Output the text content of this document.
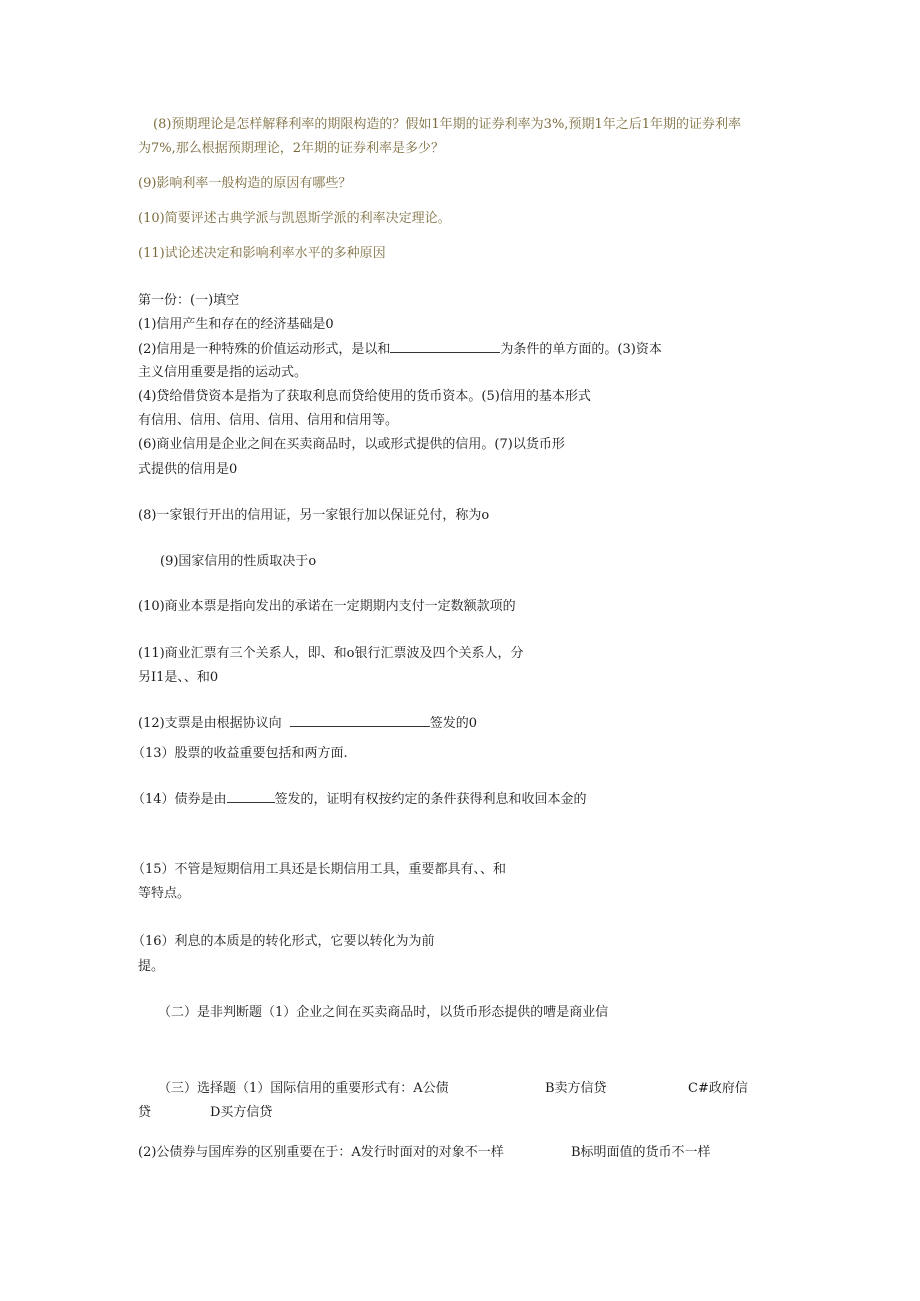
(8)预期理论是怎样解释利率的期限构造的？假如1年期的证券利率为3%,预期1年之后1年期的证券利率
为7%,那么根据预期理论，2年期的证券利率是多少？
(9)影响利率一般构造的原因有哪些？
(10)简要评述古典学派与凯恩斯学派的利率决定理论。
(11)试论述决定和影响利率水平的多种原因
第一份：(一)填空
(1)信用产生和存在的经济基础是0
(2)信用是一种特殊的价值运动形式，是以和	为条件的单方面的。(3)资本
主义信用重要是指的运动式。
(4)贷给借贷资本是指为了获取利息而贷给使用的货币资本。(5)信用的基本形式
有信用、信用、信用、信用、信用和信用等。
(6)商业信用是企业之间在买卖商品时，以或形式提供的信用。(7)以货币形
式提供的信用是0
(8)一家银行开出的信用证，另一家银行加以保证兑付，称为o
(9)国家信用的性质取决于o
(10)商业本票是指向发出的承诺在一定期期内支付一定数额款项的
(11)商业汇票有三个关系人，即、和o银行汇票波及四个关系人，分
另I1是、、和0
(12)支票是由根据协议向	签发的0
（13）股票的收益重要包括和两方面.
（14）债券是由	签发的，证明有权按约定的条件获得利息和收回本金的
（15）不管是短期信用工具还是长期信用工具，重要都具有、、和
等特点。
（16）利息的本质是的转化形式，它要以转化为为前
提。
（二）是非判断题（1）企业之间在买卖商品时，以货币形态提供的嘈是商业信
（三）选择题（1）国际信用的重要形式有：A公债	B卖方信贷	C#政府信
贷	D买方信贷
(2)公债券与国库券的区别重要在于：A发行时面对的对象不一样	B标明面值的货币不一样
